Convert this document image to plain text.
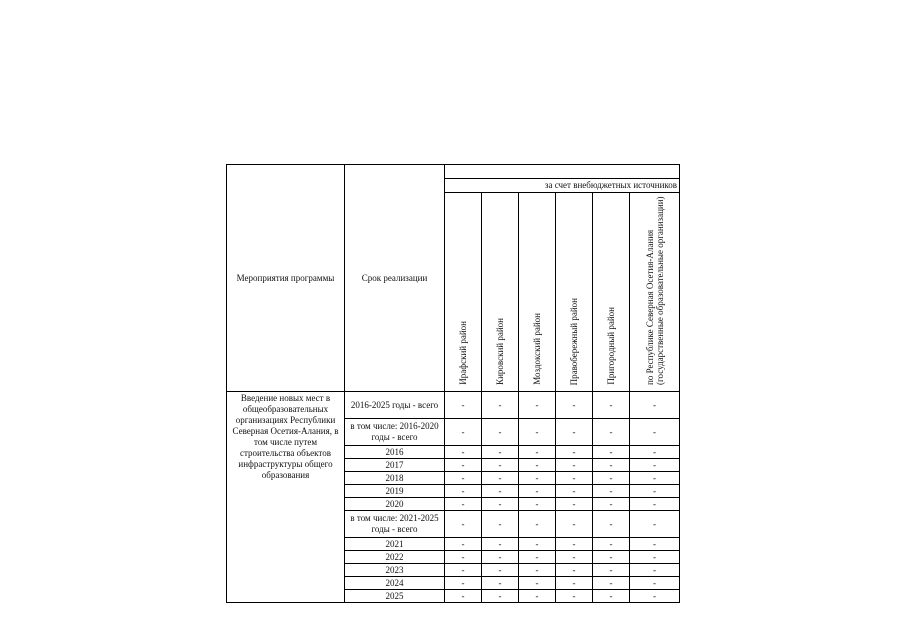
Мероприятия программы	Срок реализации						
		за счет внебюджетных источников					
		Ирафский район	Кировский район	Моздокский район	Правобережный район	Пригородный район	по Республике Северная Осетия-Алания (государственные образовательные организации)
Введение новых мест в общеобразовательных организациях Республики Северная Осетия-Алания, в том числе путем строительства объектов инфраструктуры общего образования	2016-2025 годы - всего	-	-	-	-	-	-
	в том числе: 2016-2020 годы - всего	-	-	-	-	-	-
	2016	-	-	-	-	-	-
	2017	-	-	-	-	-	-
	2018	-	-	-	-	-	-
	2019	-	-	-	-	-	-
	2020	-	-	-	-	-	-
	в том числе: 2021-2025 годы - всего	-	-	-	-	-	-
	2021	-	-	-	-	-	-
	2022	-	-	-	-	-	-
	2023	-	-	-	-	-	-
	2024	-	-	-	-	-	-
	2025	-	-	-	-	-	-
